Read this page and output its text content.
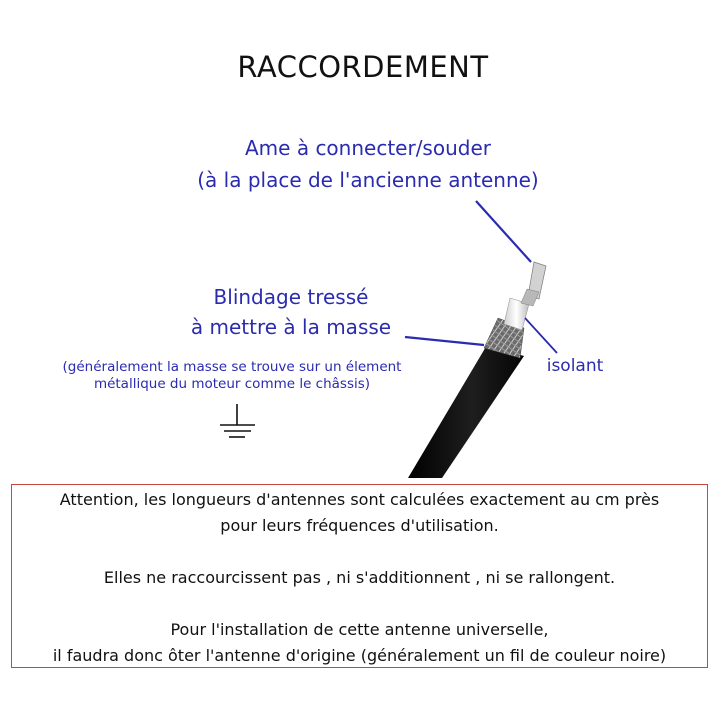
RACCORDEMENT
Ame à connecter/souder
(à la place de l'ancienne antenne)
Blindage tressé
à mettre à la masse
(généralement la masse se trouve sur un élement
métallique du moteur comme le châssis)
isolant

Attention, les longueurs d'antennes sont calculées exactement au cm près

pour leurs fréquences d'utilisation.

Elles ne raccourcissent pas , ni s'additionnent , ni se rallongent.

Pour l'installation de cette antenne universelle,

il faudra donc ôter l'antenne d'origine (généralement un fil de couleur noire)
